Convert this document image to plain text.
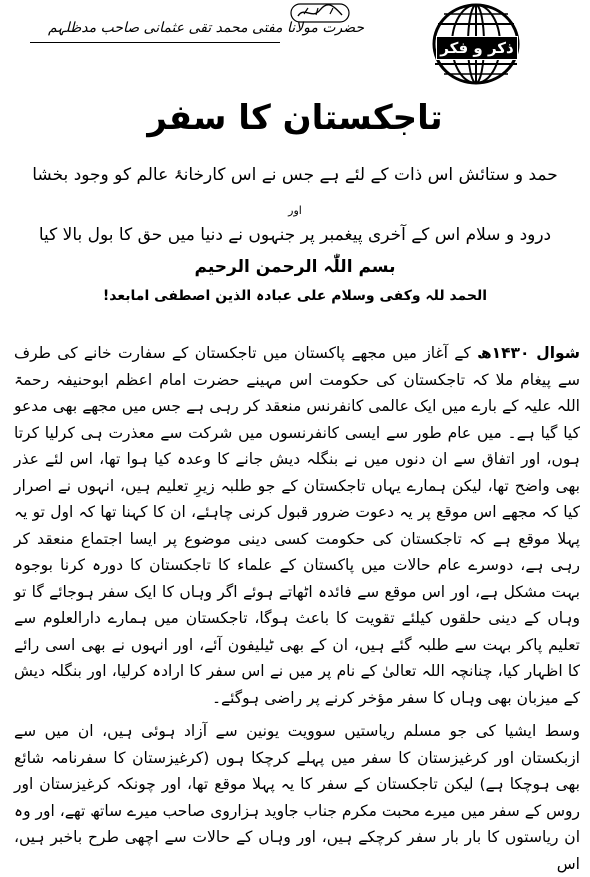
حضرت مولانا مفتی محمد تقی عثمانی صاحب مدظلہم
ذکر و فکر
تاجکستان کا سفر
حمد و ستائش اس ذات کے لئے ہے جس نے اس کارخانۂ عالم کو وجود بخشا
اور
درود و سلام اس کے آخری پیغمبر پر جنہوں نے دنیا میں حق کا بول بالا کیا
بسم اللّٰہ الرحمن الرحیم
الحمد للہ وکفی وسلام علی عبادہ الذین اصطفی امابعد!
شوال ۱۴۳۰ھ کے آغاز میں مجھے پاکستان میں تاجکستان کے سفارت خانے کی طرف سے پیغام ملا کہ تاجکستان کی حکومت اس مہینے حضرت امام اعظم ابوحنیفہ رحمۃ اللہ علیہ کے بارے میں ایک عالمی کانفرنس منعقد کر رہی ہے جس میں مجھے بھی مدعو کیا گیا ہے۔ میں عام طور سے ایسی کانفرنسوں میں شرکت سے معذرت ہی کرلیا کرتا ہوں، اور اتفاق سے ان دنوں میں نے بنگلہ دیش جانے کا وعدہ کیا ہوا تھا، اس لئے عذر بھی واضح تھا، لیکن ہمارے یہاں تاجکستان کے جو طلبہ زیرِ تعلیم ہیں، انہوں نے اصرار کیا کہ مجھے اس موقع پر یہ دعوت ضرور قبول کرنی چاہئے، ان کا کہنا تھا کہ اول تو یہ پہلا موقع ہے کہ تاجکستان کی حکومت کسی دینی موضوع پر ایسا اجتماع منعقد کر رہی ہے، دوسرے عام حالات میں پاکستان کے علماء کا تاجکستان کا دورہ کرنا بوجوہ بہت مشکل ہے، اور اس موقع سے فائدہ اٹھاتے ہوئے اگر وہاں کا ایک سفر ہوجائے گا تو وہاں کے دینی حلقوں کیلئے تقویت کا باعث ہوگا، تاجکستان میں ہمارے دارالعلوم سے تعلیم پاکر بہت سے طلبہ گئے ہیں، ان کے بھی ٹیلیفون آئے، اور انہوں نے بھی اسی رائے کا اظہار کیا، چنانچہ اللہ تعالیٰ کے نام پر میں نے اس سفر کا ارادہ کرلیا، اور بنگلہ دیش کے میزبان بھی وہاں کا سفر مؤخر کرنے پر راضی ہوگئے۔
وسط ایشیا کی جو مسلم ریاستیں سوویت یونین سے آزاد ہوئی ہیں، ان میں سے ازبکستان اور کرغیزستان کا سفر میں پہلے کرچکا ہوں (کرغیزستان کا سفرنامہ شائع بھی ہوچکا ہے) لیکن تاجکستان کے سفر کا یہ پہلا موقع تھا، اور چونکہ کرغیزستان اور روس کے سفر میں میرے محبت مکرم جناب جاوید ہزاروی صاحب میرے ساتھ تھے، اور وہ ان ریاستوں کا بار بار سفر کرچکے ہیں، اور وہاں کے حالات سے اچھی طرح باخبر ہیں، اس
